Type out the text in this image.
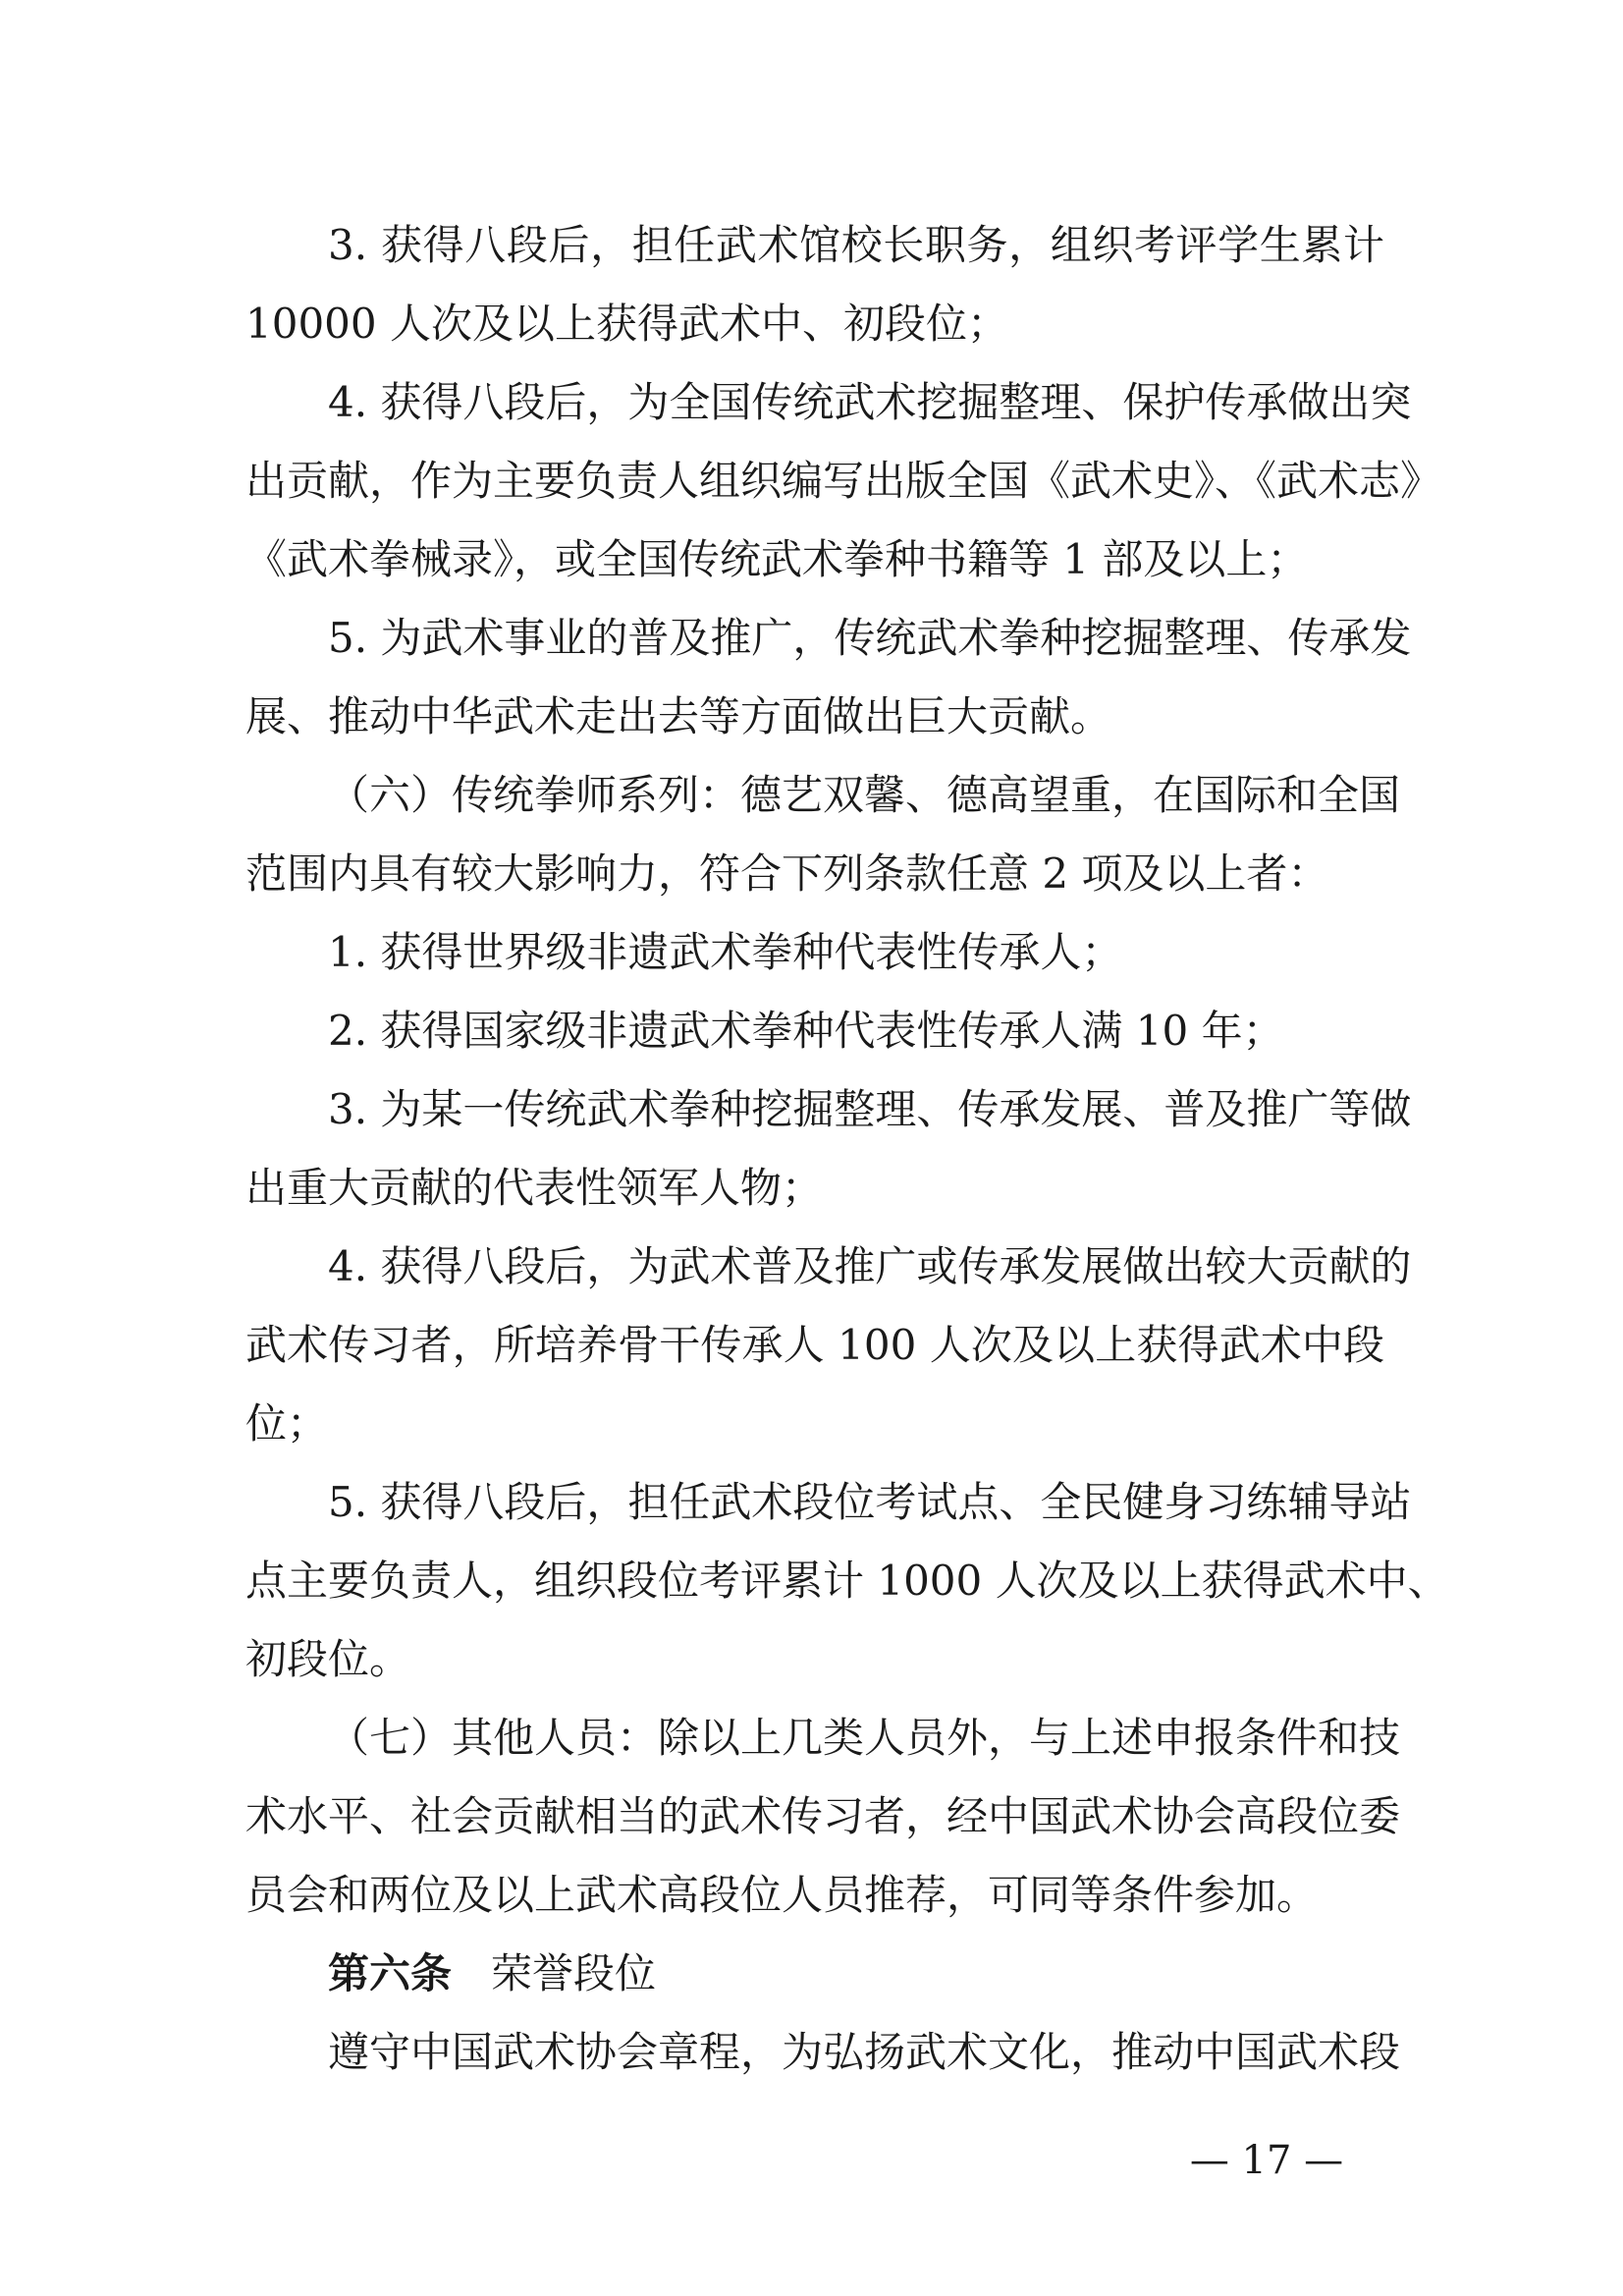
3. 获得八段后，担任武术馆校长职务，组织考评学生累计
10000 人次及以上获得武术中、初段位；
4. 获得八段后，为全国传统武术挖掘整理、保护传承做出突
出贡献，作为主要负责人组织编写出版全国《武术史》、《武术志》
《武术拳械录》，或全国传统武术拳种书籍等 1 部及以上；
5. 为武术事业的普及推广，传统武术拳种挖掘整理、传承发
展、推动中华武术走出去等方面做出巨大贡献。
（六）传统拳师系列：德艺双馨、德高望重，在国际和全国
范围内具有较大影响力，符合下列条款任意 2 项及以上者：
1. 获得世界级非遗武术拳种代表性传承人；
2. 获得国家级非遗武术拳种代表性传承人满 10 年；
3. 为某一传统武术拳种挖掘整理、传承发展、普及推广等做
出重大贡献的代表性领军人物；
4. 获得八段后，为武术普及推广或传承发展做出较大贡献的
武术传习者，所培养骨干传承人 100 人次及以上获得武术中段
位；
5. 获得八段后，担任武术段位考试点、全民健身习练辅导站
点主要负责人，组织段位考评累计 1000 人次及以上获得武术中、
初段位。
（七）其他人员：除以上几类人员外，与上述申报条件和技
术水平、社会贡献相当的武术传习者，经中国武术协会高段位委
员会和两位及以上武术高段位人员推荐，可同等条件参加。
第六条 荣誉段位
遵守中国武术协会章程，为弘扬武术文化，推动中国武术段
— 17 —
